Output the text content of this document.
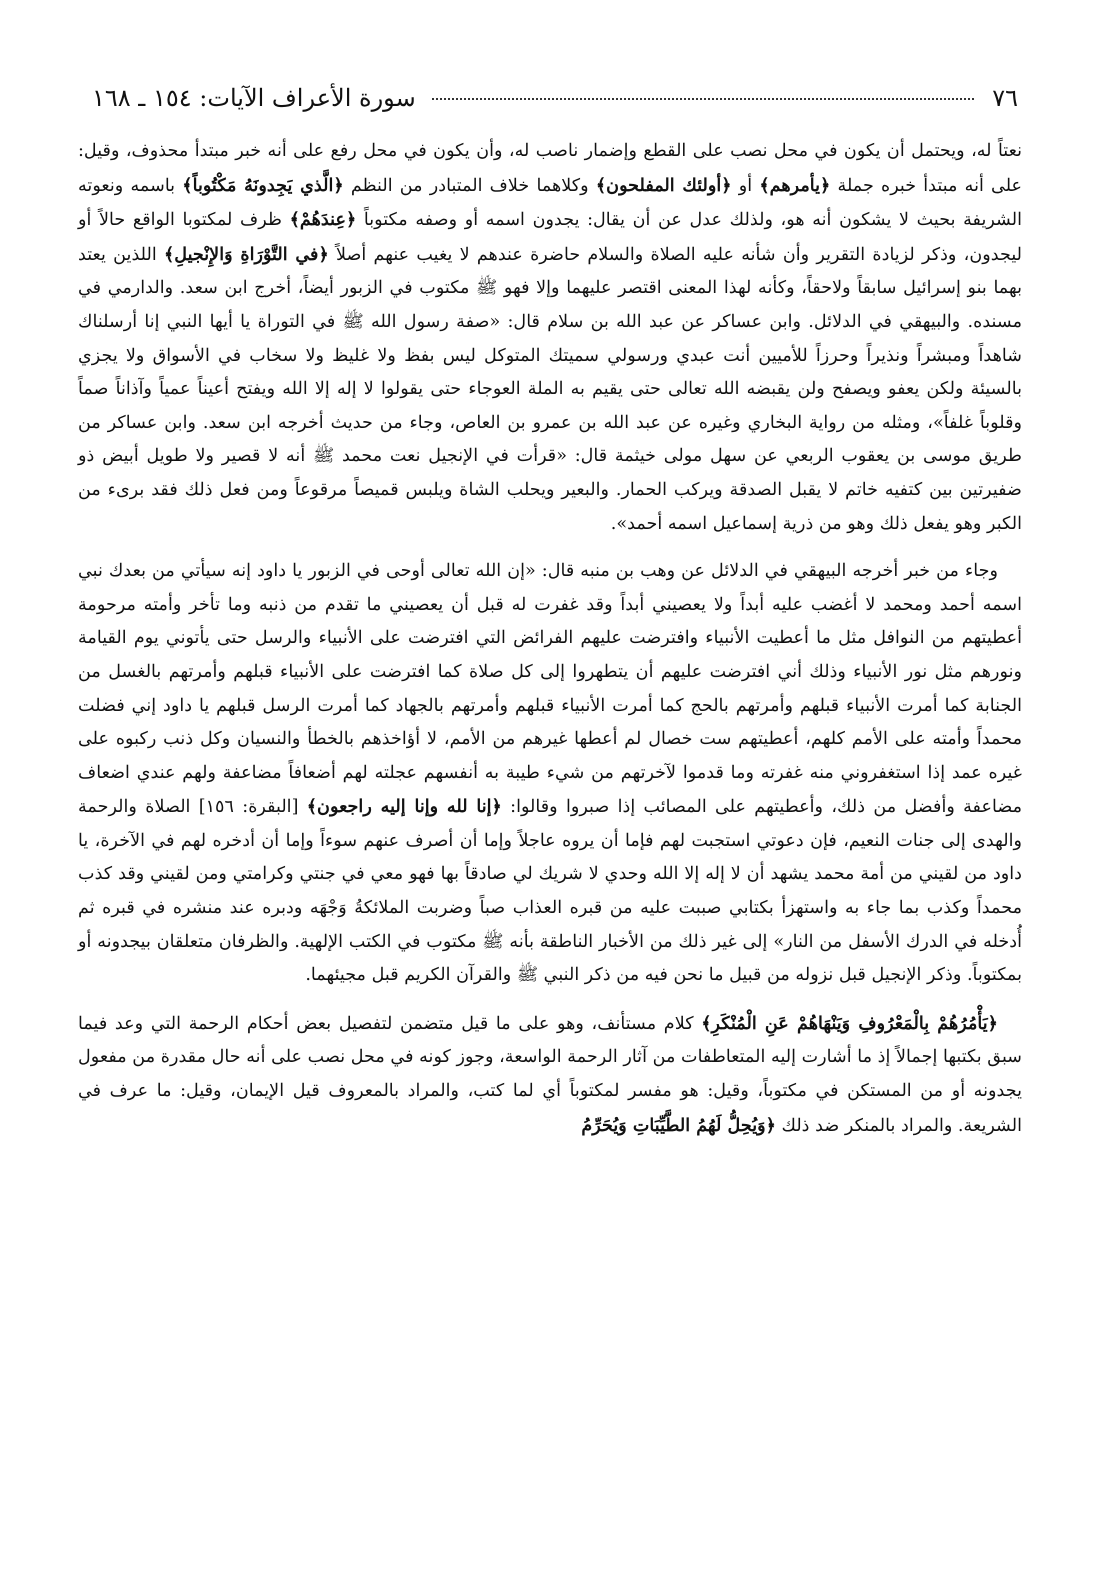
٧٦
سورة الأعراف الآيات: ١٥٤ ـ ١٦٨

نعتاً له، ويحتمل أن يكون في محل نصب على القطع وإضمار ناصب له، وأن يكون في محل رفع على أنه خبر مبتدأ محذوف، وقيل: على أنه مبتدأ خبره جملة ﴿يأمرهم﴾ أو ﴿أولئك المفلحون﴾ وكلاهما خلاف المتبادر من النظم ﴿الَّذي يَجِدونَهُ مَكْتُوباً﴾ باسمه ونعوته الشريفة بحيث لا يشكون أنه هو، ولذلك عدل عن أن يقال: يجدون اسمه أو وصفه مكتوباً ﴿عِندَهُمْ﴾ ظرف لمكتوبا الواقع حالاً أو ليجدون، وذكر لزيادة التقرير وأن شأنه عليه الصلاة والسلام حاضرة عندهم لا يغيب عنهم أصلاً ﴿في التَّوْرَاةِ وَالإِنْجيلِ﴾ اللذين يعتد بهما بنو إسرائيل سابقاً ولاحقاً، وكأنه لهذا المعنى اقتصر عليهما وإلا فهو ﷺ مكتوب في الزبور أيضاً، أخرج ابن سعد. والدارمي في مسنده. والبيهقي في الدلائل. وابن عساكر عن عبد الله بن سلام قال: «صفة رسول الله ﷺ في التوراة يا أيها النبي إنا أرسلناك شاهداً ومبشراً ونذيراً وحرزاً للأميين أنت عبدي ورسولي سميتك المتوكل ليس بفظ ولا غليظ ولا سخاب في الأسواق ولا يجزي بالسيئة ولكن يعفو ويصفح ولن يقبضه الله تعالى حتى يقيم به الملة العوجاء حتى يقولوا لا إله إلا الله ويفتح أعيناً عمياً وآذاناً صماً وقلوباً غلفاً»، ومثله من رواية البخاري وغيره عن عبد الله بن عمرو بن العاص، وجاء من حديث أخرجه ابن سعد. وابن عساكر من طريق موسى بن يعقوب الربعي عن سهل مولى خيثمة قال: «قرأت في الإنجيل نعت محمد ﷺ أنه لا قصير ولا طويل أبيض ذو ضفيرتين بين كتفيه خاتم لا يقبل الصدقة ويركب الحمار. والبعير ويحلب الشاة ويلبس قميصاً مرقوعاً ومن فعل ذلك فقد برىء من الكبر وهو يفعل ذلك وهو من ذرية إسماعيل اسمه أحمد».

وجاء من خبر أخرجه البيهقي في الدلائل عن وهب بن منبه قال: «إن الله تعالى أوحى في الزبور يا داود إنه سيأتي من بعدك نبي اسمه أحمد ومحمد لا أغضب عليه أبداً ولا يعصيني أبداً وقد غفرت له قبل أن يعصيني ما تقدم من ذنبه وما تأخر وأمته مرحومة أعطيتهم من النوافل مثل ما أعطيت الأنبياء وافترضت عليهم الفرائض التي افترضت على الأنبياء والرسل حتى يأتوني يوم القيامة ونورهم مثل نور الأنبياء وذلك أني افترضت عليهم أن يتطهروا إلى كل صلاة كما افترضت على الأنبياء قبلهم وأمرتهم بالغسل من الجنابة كما أمرت الأنبياء قبلهم وأمرتهم بالحج كما أمرت الأنبياء قبلهم وأمرتهم بالجهاد كما أمرت الرسل قبلهم يا داود إني فضلت محمداً وأمته على الأمم كلهم، أعطيتهم ست خصال لم أعطها غيرهم من الأمم، لا أؤاخذهم بالخطأ والنسيان وكل ذنب ركبوه على غيره عمد إذا استغفروني منه غفرته وما قدموا لآخرتهم من شيء طيبة به أنفسهم عجلته لهم أضعافاً مضاعفة ولهم عندي اضعاف مضاعفة وأفضل من ذلك، وأعطيتهم على المصائب إذا صبروا وقالوا: ﴿إنا لله وإنا إليه راجعون﴾ [البقرة: ١٥٦] الصلاة والرحمة والهدى إلى جنات النعيم، فإن دعوتي استجبت لهم فإما أن يروه عاجلاً وإما أن أصرف عنهم سوءاً وإما أن أدخره لهم في الآخرة، يا داود من لقيني من أمة محمد يشهد أن لا إله إلا الله وحدي لا شريك لي صادقاً بها فهو معي في جنتي وكرامتي ومن لقيني وقد كذب محمداً وكذب بما جاء به واستهزأ بكتابي صببت عليه من قبره العذاب صباً وضربت الملائكةُ وَجْهَه ودبره عند منشره في قبره ثم أُدخله في الدرك الأسفل من النار» إلى غير ذلك من الأخبار الناطقة بأنه ﷺ مكتوب في الكتب الإلهية. والظرفان متعلقان بيجدونه أو بمكتوباً. وذكر الإنجيل قبل نزوله من قبيل ما نحن فيه من ذكر النبي ﷺ والقرآن الكريم قبل مجيئهما.

﴿يَأْمُرُهُمْ بِالْمَعْرُوفِ وَيَنْهَاهُمْ عَنِ الْمُنْكَرِ﴾ كلام مستأنف، وهو على ما قيل متضمن لتفصيل بعض أحكام الرحمة التي وعد فيما سبق بكتبها إجمالاً إذ ما أشارت إليه المتعاطفات من آثار الرحمة الواسعة، وجوز كونه في محل نصب على أنه حال مقدرة من مفعول يجدونه أو من المستكن في مكتوباً، وقيل: هو مفسر لمكتوباً أي لما كتب، والمراد بالمعروف قيل الإيمان، وقيل: ما عرف في الشريعة. والمراد بالمنكر ضد ذلك ﴿وَيُحِلُّ لَهُمُ الطَّيِّبَاتِ وَيُحَرِّمُ
